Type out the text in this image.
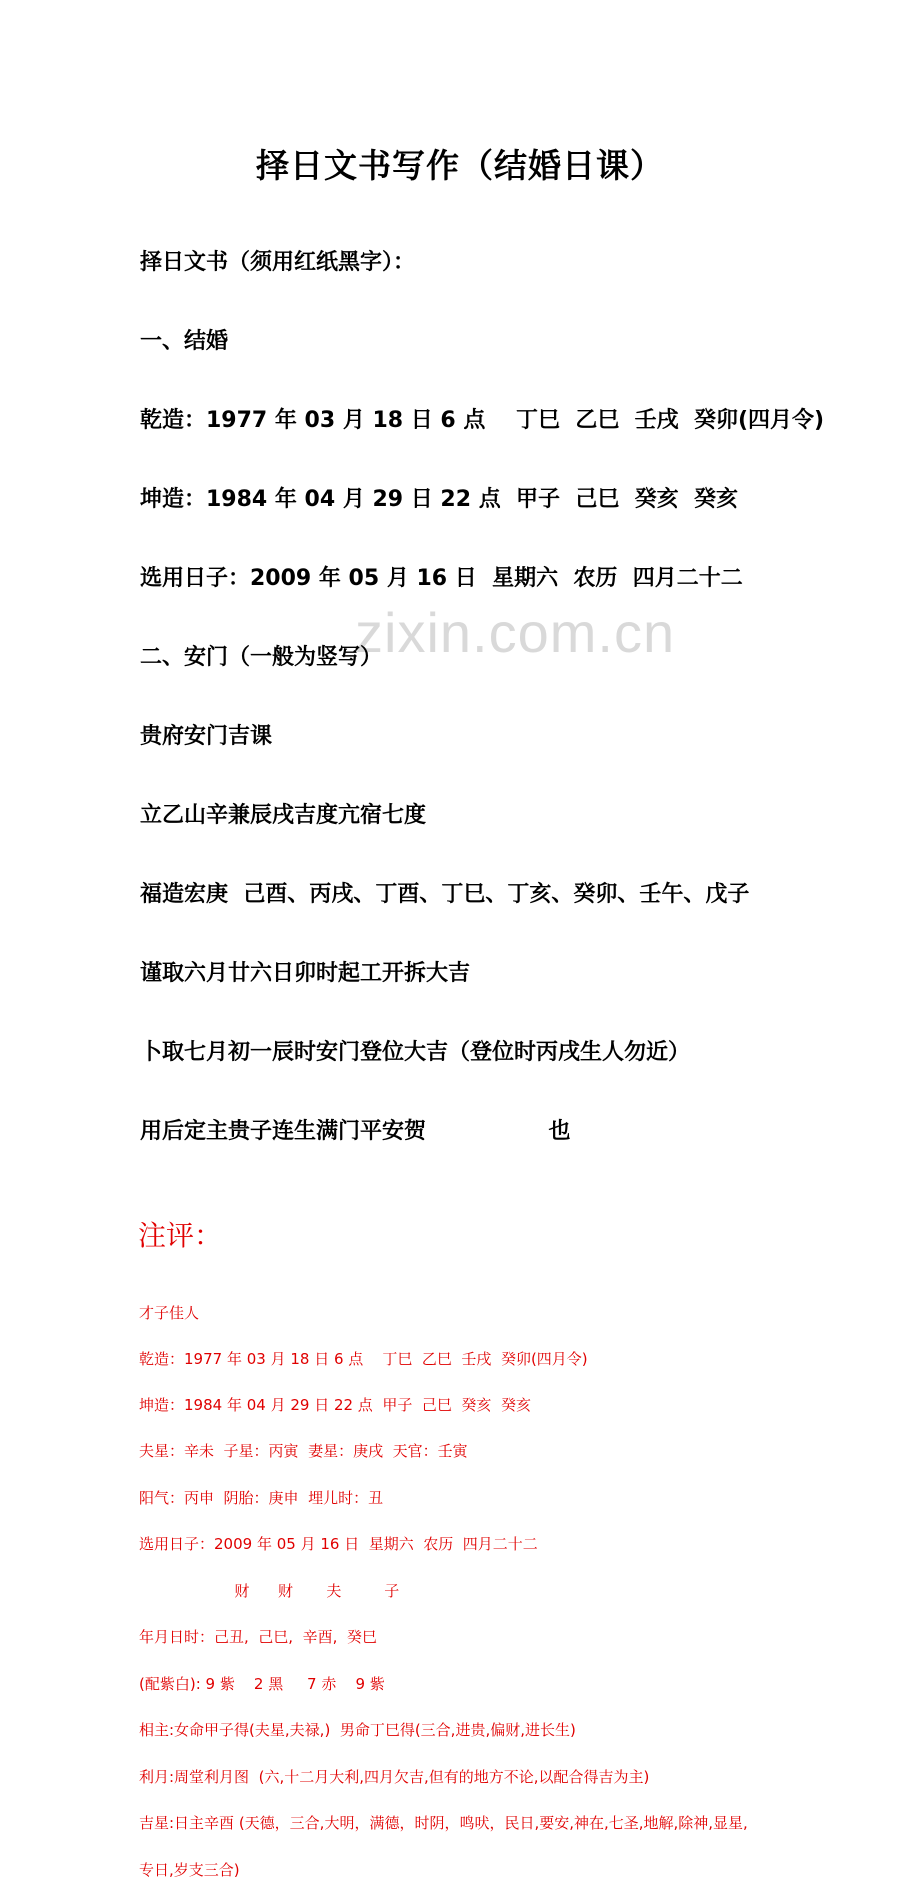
zixin.com.cn
择日文书写作（结婚日课）
择日文书（须用红纸黑字）：
一、结婚
乾造：1977 年 03 月 18 日 6 点    丁巳  乙巳  壬戌  癸卯(四月令)
坤造：1984 年 04 月 29 日 22 点  甲子  己巳  癸亥  癸亥
选用日子：2009 年 05 月 16 日  星期六  农历  四月二十二
二、安门（一般为竖写）
贵府安门吉课
立乙山辛兼辰戌吉度亢宿七度
福造宏庚  己酉、丙戌、丁酉、丁巳、丁亥、癸卯、壬午、戊子
谨取六月廿六日卯时起工开拆大吉
卜取七月初一辰时安门登位大吉（登位时丙戌生人勿近）
用后定主贵子连生满门平安贺                也
注评：
才子佳人
乾造：1977 年 03 月 18 日 6 点    丁巳  乙巳  壬戌  癸卯(四月令)
坤造：1984 年 04 月 29 日 22 点  甲子  己巳  癸亥  癸亥
夫星：辛未  子星：丙寅  妻星：庚戌  天官：壬寅
阳气：丙申  阴胎：庚申  埋儿时：丑
选用日子：2009 年 05 月 16 日  星期六  农历  四月二十二
财      财       夫         子
年月日时：己丑,  己巳,  辛酉,  癸巳
(配紫白): 9 紫    2 黑     7 赤    9 紫
相主:女命甲子得(夫星,夫禄,)  男命丁巳得(三合,进贵,偏财,进长生)
利月:周堂利月图  (六,十二月大利,四月欠吉,但有的地方不论,以配合得吉为主)
吉星:日主辛酉 (天德，三合,大明，满德，时阴，鸣吠，民日,要安,神在,七圣,地解,除神,显星,
专日,岁支三合)
